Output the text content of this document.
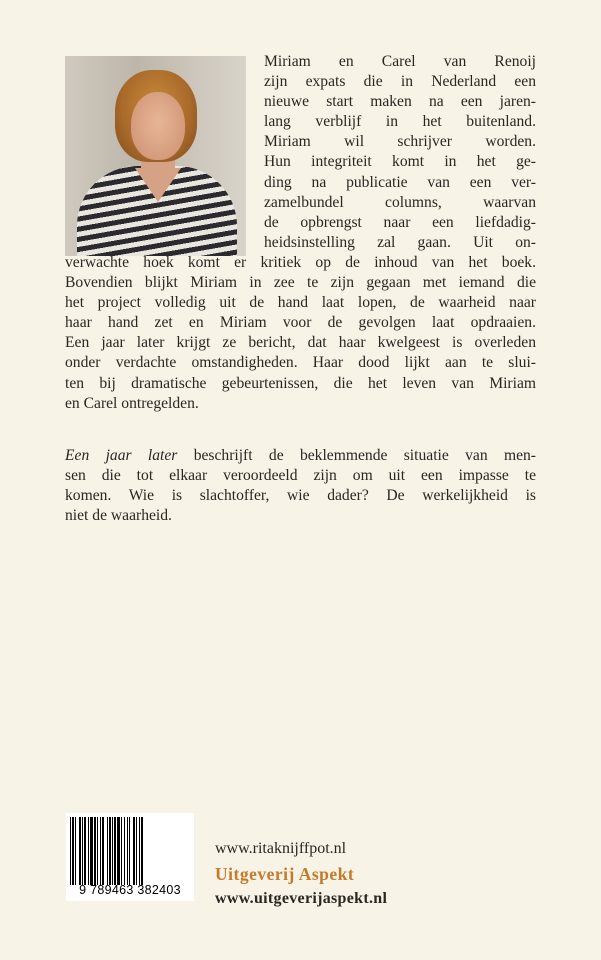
Miriam en Carel van Renoij
zijn expats die in Nederland een
nieuwe start maken na een jaren-
lang verblijf in het buitenland.
Miriam wil schrijver worden.
Hun integriteit komt in het ge-
ding na publicatie van een ver-
zamelbundel columns, waarvan
de opbrengst naar een liefdadig-
heidsinstelling zal gaan. Uit on-
verwachte hoek komt er kritiek op de inhoud van het boek.
Bovendien blijkt Miriam in zee te zijn gegaan met iemand die
het project volledig uit de hand laat lopen, de waarheid naar
haar hand zet en Miriam voor de gevolgen laat opdraaien.
Een jaar later krijgt ze bericht, dat haar kwelgeest is overleden
onder verdachte omstandigheden. Haar dood lijkt aan te slui-
ten bij dramatische gebeurtenissen, die het leven van Miriam
en Carel ontregelden.
Een jaar later beschrijft de beklemmende situatie van men-
sen die tot elkaar veroordeeld zijn om uit een impasse te
komen. Wie is slachtoffer, wie dader? De werkelijkheid is
niet de waarheid.
9 789463 382403
www.ritaknijffpot.nl
Uitgeverij Aspekt
www.uitgeverijaspekt.nl
